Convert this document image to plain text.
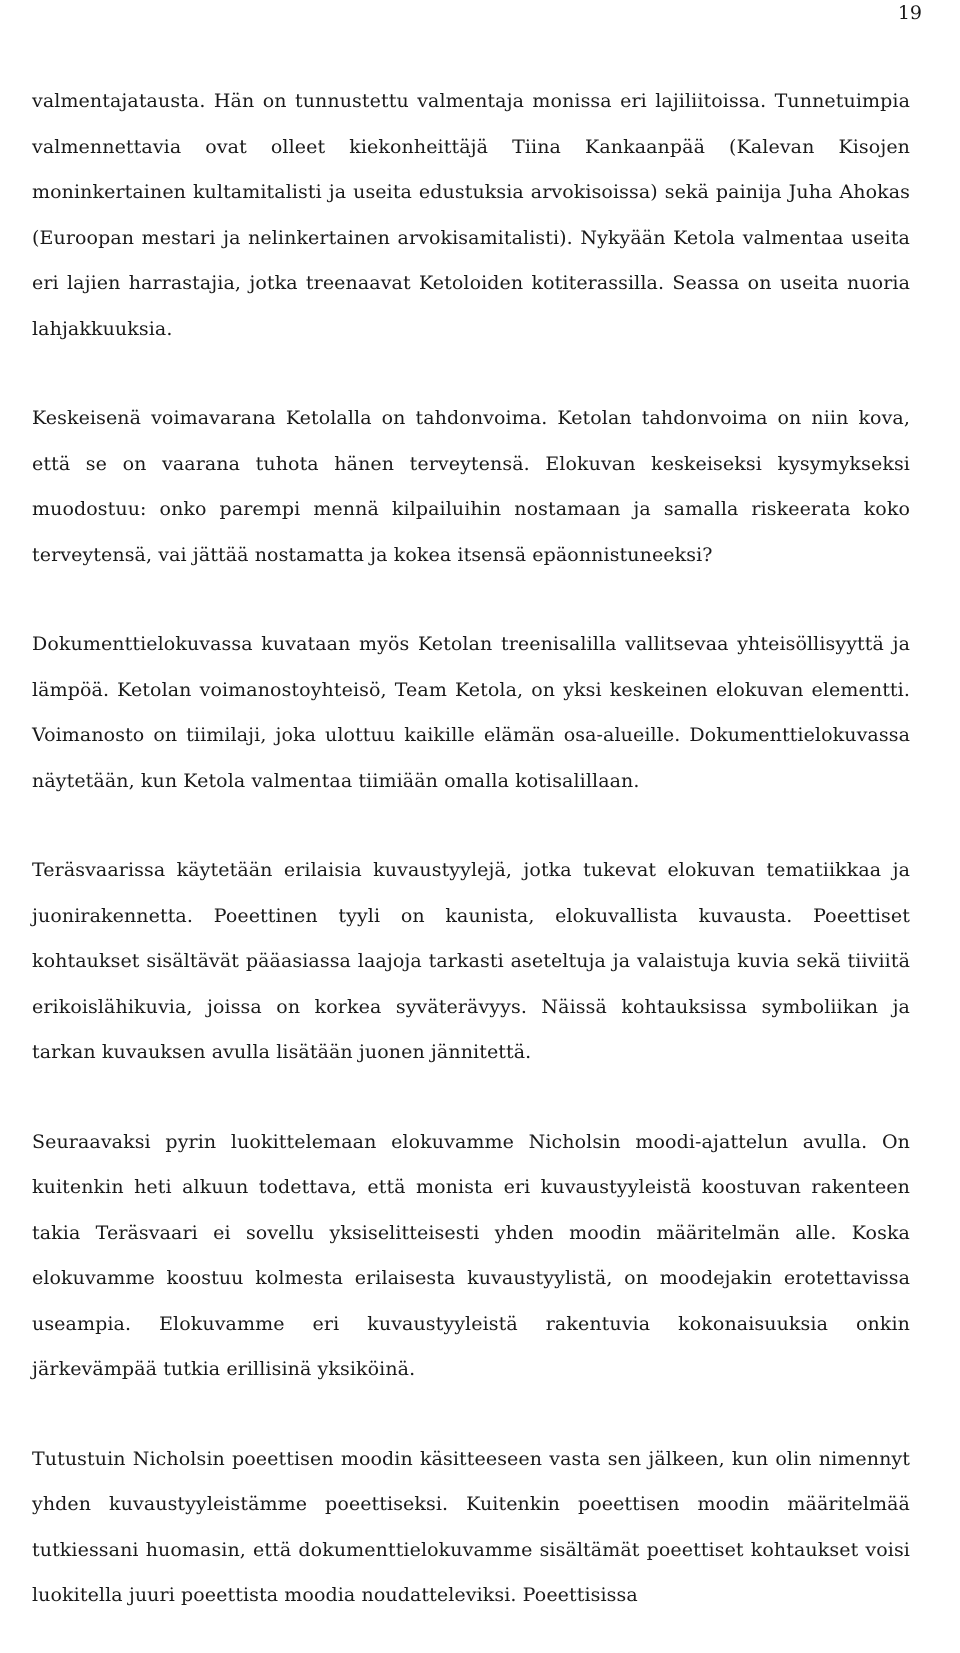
19

valmentajatausta. Hän on tunnustettu valmentaja monissa eri lajiliitoissa. Tunnetuimpia valmennettavia ovat olleet kiekonheittäjä Tiina Kankaanpää (Kalevan Kisojen moninkertainen kultamitalisti ja useita edustuksia arvokisoissa) sekä painija Juha Ahokas (Euroopan mestari ja nelinkertainen arvokisamitalisti). Nykyään Ketola valmentaa useita eri lajien harrastajia, jotka treenaavat Ketoloiden kotiterassilla. Seassa on useita nuoria lahjakkuuksia.

Keskeisenä voimavarana Ketolalla on tahdonvoima. Ketolan tahdonvoima on niin kova, että se on vaarana tuhota hänen terveytensä. Elokuvan keskeiseksi kysymykseksi muodostuu: onko parempi mennä kilpailuihin nostamaan ja samalla riskeerata koko terveytensä, vai jättää nostamatta ja kokea itsensä epäonnistuneeksi?

Dokumenttielokuvassa kuvataan myös Ketolan treenisalilla vallitsevaa yhteisöllisyyttä ja lämpöä. Ketolan voimanostoyhteisö, Team Ketola, on yksi keskeinen elokuvan elementti. Voimanosto on tiimilaji, joka ulottuu kaikille elämän osa-alueille. Dokumenttielokuvassa näytetään, kun Ketola valmentaa tiimiään omalla kotisalillaan.

Teräsvaarissa käytetään erilaisia kuvaustyylejä, jotka tukevat elokuvan tematiikkaa ja juonirakennetta. Poeettinen tyyli on kaunista, elokuvallista kuvausta. Poeettiset kohtaukset sisältävät pääasiassa laajoja tarkasti aseteltuja ja valaistuja kuvia sekä tiiviitä erikoislähikuvia, joissa on korkea syväterävyys. Näissä kohtauksissa symboliikan ja tarkan kuvauksen avulla lisätään juonen jännitettä.

Seuraavaksi pyrin luokittelemaan elokuvamme Nicholsin moodi-ajattelun avulla. On kuitenkin heti alkuun todettava, että monista eri kuvaustyyleistä koostuvan rakenteen takia Teräsvaari ei sovellu yksiselitteisesti yhden moodin määritelmän alle. Koska elokuvamme koostuu kolmesta erilaisesta kuvaustyylistä, on moodejakin erotettavissa useampia. Elokuvamme eri kuvaustyyleistä rakentuvia kokonaisuuksia onkin järkevämpää tutkia erillisinä yksiköinä.

Tutustuin Nicholsin poeettisen moodin käsitteeseen vasta sen jälkeen, kun olin nimennyt yhden kuvaustyyleistämme poeettiseksi. Kuitenkin poeettisen moodin määritelmää tutkiessani huomasin, että dokumenttielokuvamme sisältämät poeettiset kohtaukset voisi luokitella juuri poeettista moodia noudatteleviksi. Poeettisissa
